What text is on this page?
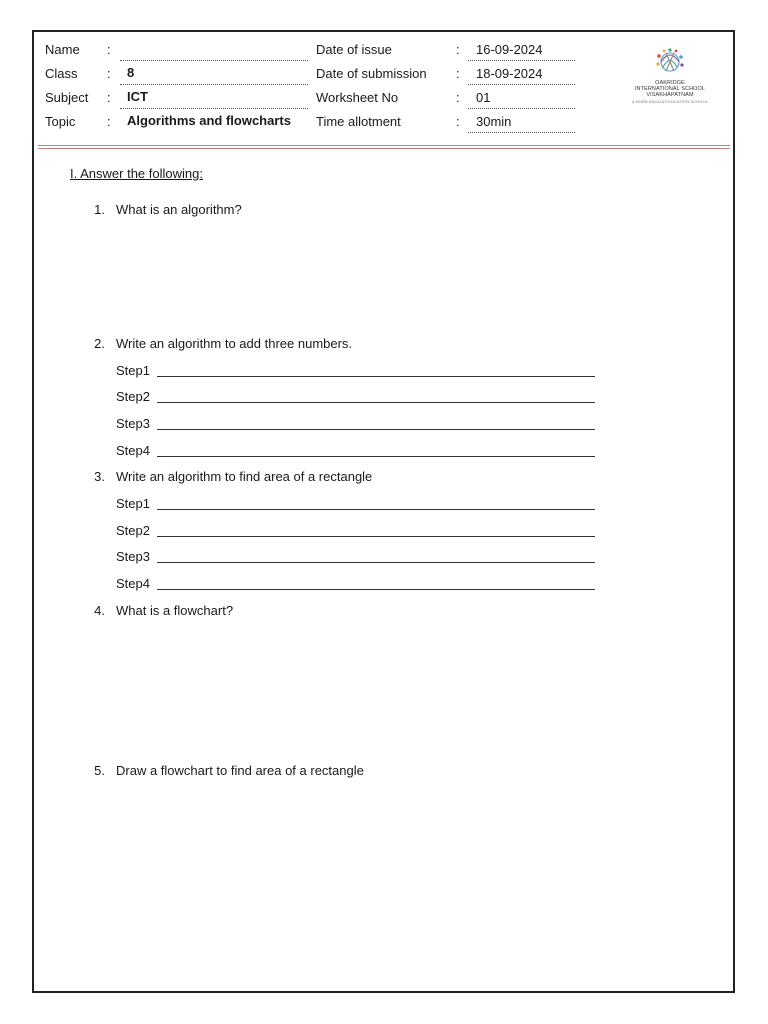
Name :
Class : 8
Subject : ICT
Topic : Algorithms and flowcharts
Date of issue	: 16-09-2024
Date of submission : 18-09-2024
Worksheet No	: 01
Time allotment	: 30min
OAKRIDGE
INTERNATIONAL SCHOOL
VISAKHAPATNAM
A NORD ANGLIA EDUCATION SCHOOL
I. Answer the following:
1. What is an algorithm?
2. Write an algorithm to add three numbers.
Step1
Step2
Step3
Step4
3. Write an algorithm to find area of a rectangle
Step1
Step2
Step3
Step4
4. What is a flowchart?
5. Draw a flowchart to find area of a rectangle
